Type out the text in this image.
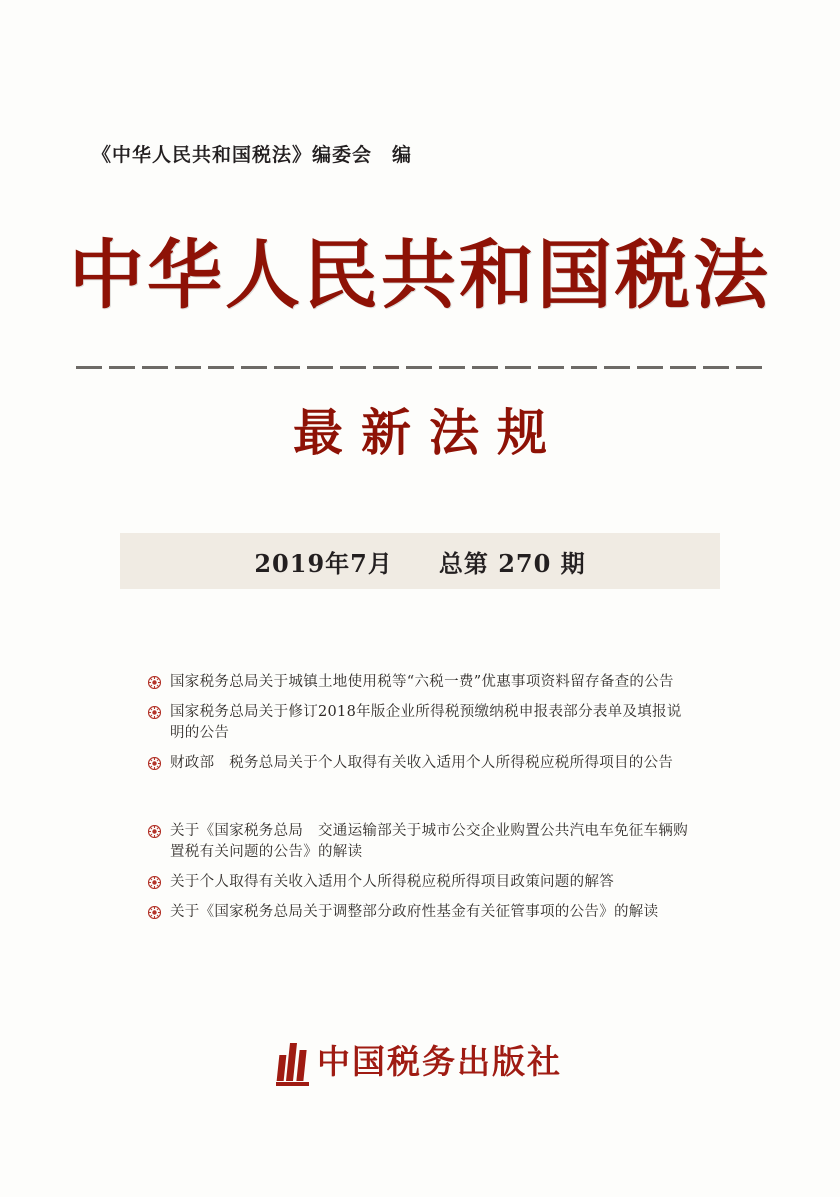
《中华人民共和国税法》编委会　编
中华人民共和国税法
最新法规
2019年7月 总第 270 期
国家税务总局关于城镇土地使用税等“六税一费”优惠事项资料留存备查的公告
国家税务总局关于修订2018年版企业所得税预缴纳税申报表部分表单及填报说明的公告
财政部　税务总局关于个人取得有关收入适用个人所得税应税所得项目的公告
关于《国家税务总局　交通运输部关于城市公交企业购置公共汽电车免征车辆购置税有关问题的公告》的解读
关于个人取得有关收入适用个人所得税应税所得项目政策问题的解答
关于《国家税务总局关于调整部分政府性基金有关征管事项的公告》的解读
中国税务出版社
